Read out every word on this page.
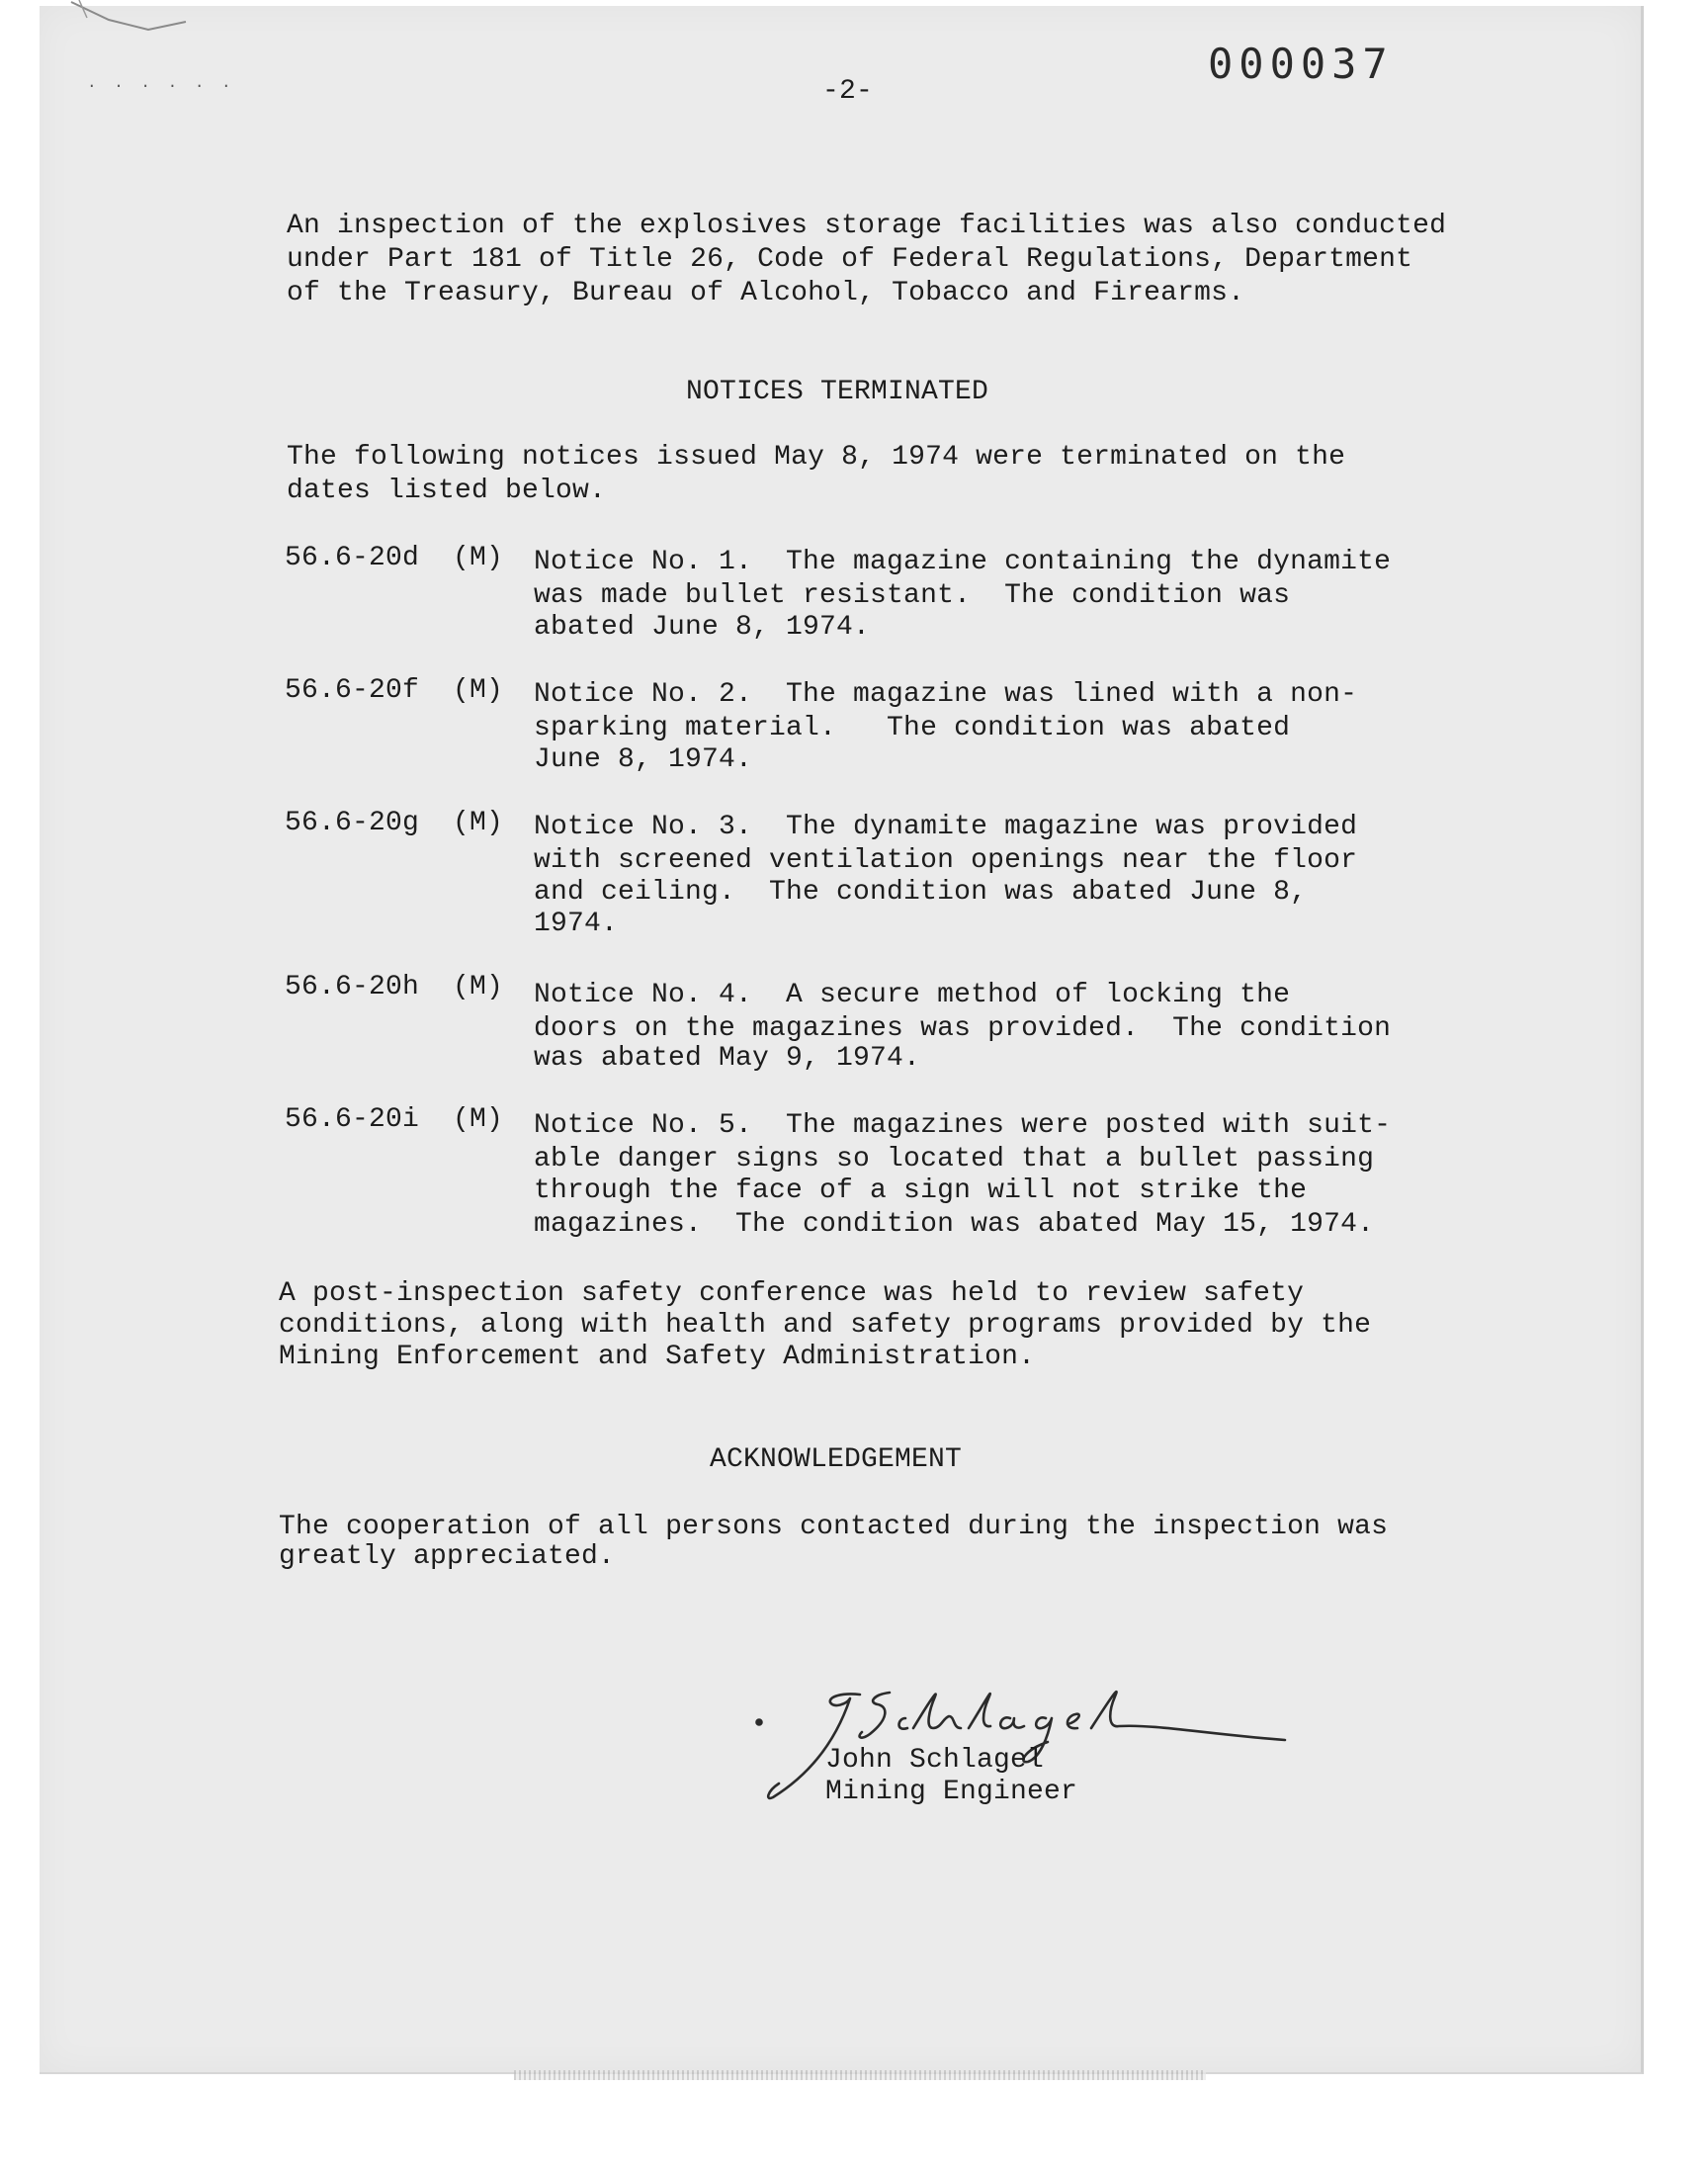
· · · · · ·	-2-
000037
An inspection of the explosives storage facilities was also conducted
under Part 181 of Title 26, Code of Federal Regulations, Department
of the Treasury, Bureau of Alcohol, Tobacco and Firearms.
NOTICES TERMINATED
The following notices issued May 8, 1974 were terminated on the
dates listed below.
56.6-20d (M) Notice No. 1.  The magazine containing the dynamite
was made bullet resistant.  The condition was
abated June 8, 1974.
56.6-20f (M) Notice No. 2.  The magazine was lined with a non-
sparking material.   The condition was abated
June 8, 1974.
56.6-20g (M) Notice No. 3.  The dynamite magazine was provided
with screened ventilation openings near the floor
and ceiling.  The condition was abated June 8,
1974.
56.6-20h (M) Notice No. 4.  A secure method of locking the
doors on the magazines was provided.  The condition
was abated May 9, 1974.
56.6-20i (M) Notice No. 5.  The magazines were posted with suit-
able danger signs so located that a bullet passing
through the face of a sign will not strike the
magazines.  The condition was abated May 15, 1974.
A post-inspection safety conference was held to review safety
conditions, along with health and safety programs provided by the
Mining Enforcement and Safety Administration.
ACKNOWLEDGEMENT
The cooperation of all persons contacted during the inspection was
greatly appreciated.
John Schlagel
Mining Engineer
